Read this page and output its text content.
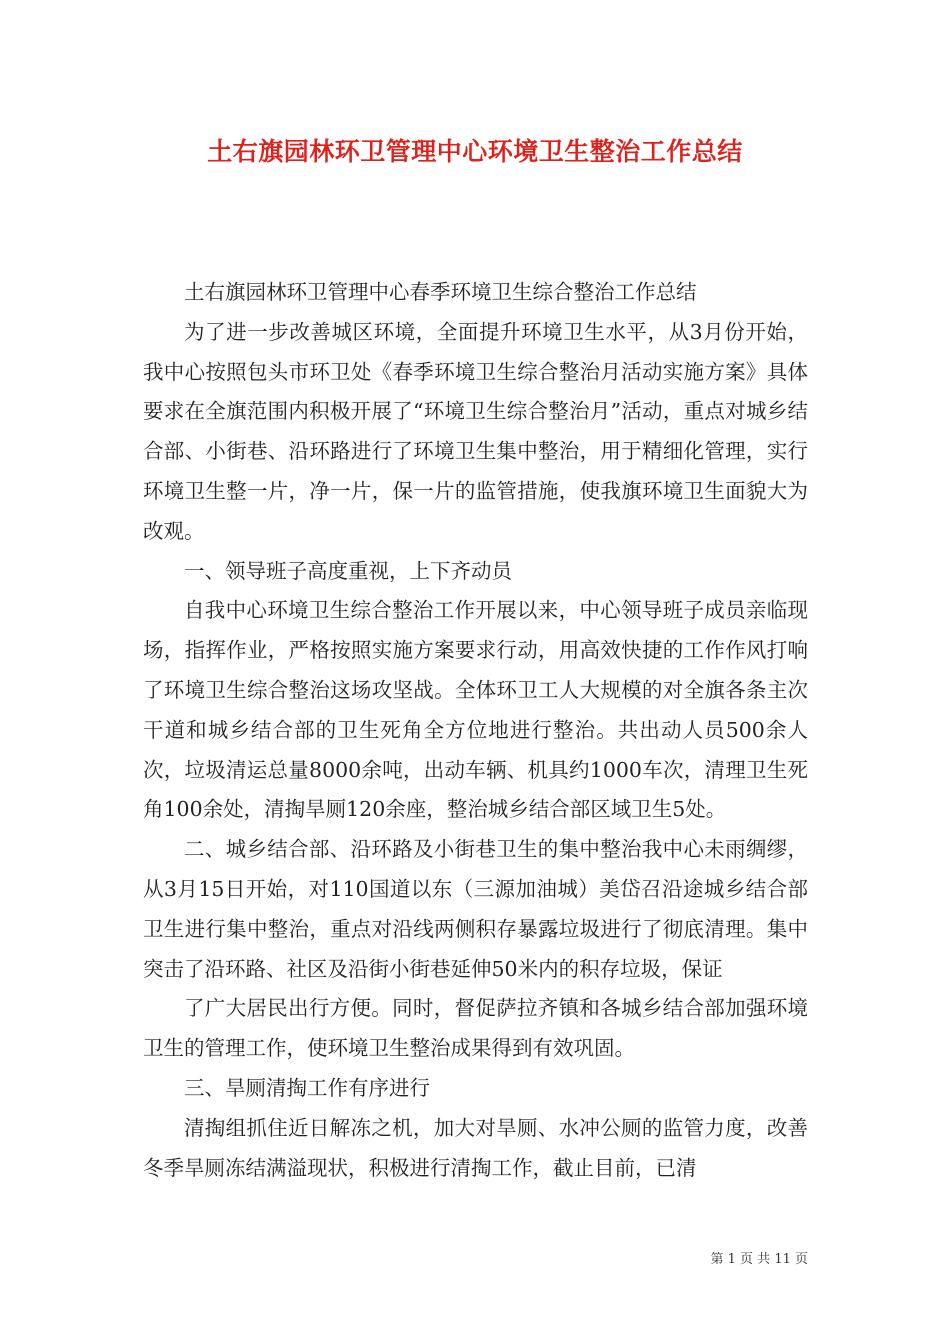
土右旗园林环卫管理中心环境卫生整治工作总结

土右旗园林环卫管理中心春季环境卫生综合整治工作总结

为了进一步改善城区环境，全面提升环境卫生水平，从3月份开始，我中心按照包头市环卫处《春季环境卫生综合整治月活动实施方案》具体要求在全旗范围内积极开展了“环境卫生综合整治月”活动，重点对城乡结合部、小街巷、沿环路进行了环境卫生集中整治，用于精细化管理，实行环境卫生整一片，净一片，保一片的监管措施，使我旗环境卫生面貌大为改观。

一、领导班子高度重视，上下齐动员

自我中心环境卫生综合整治工作开展以来，中心领导班子成员亲临现场，指挥作业，严格按照实施方案要求行动，用高效快捷的工作作风打响了环境卫生综合整治这场攻坚战。全体环卫工人大规模的对全旗各条主次干道和城乡结合部的卫生死角全方位地进行整治。共出动人员500余人次，垃圾清运总量8000余吨，出动车辆、机具约1000车次，清理卫生死角100余处，清掏旱厕120余座，整治城乡结合部区域卫生5处。

二、城乡结合部、沿环路及小街巷卫生的集中整治我中心未雨绸缪，从3月15日开始，对110国道以东（三源加油城）美岱召沿途城乡结合部卫生进行集中整治，重点对沿线两侧积存暴露垃圾进行了彻底清理。集中突击了沿环路、社区及沿街小街巷延伸50米内的积存垃圾，保证

了广大居民出行方便。同时，督促萨拉齐镇和各城乡结合部加强环境卫生的管理工作，使环境卫生整治成果得到有效巩固。

三、旱厕清掏工作有序进行

清掏组抓住近日解冻之机，加大对旱厕、水冲公厕的监管力度，改善冬季旱厕冻结满溢现状，积极进行清掏工作，截止目前，已清

第 1 页 共 11 页
